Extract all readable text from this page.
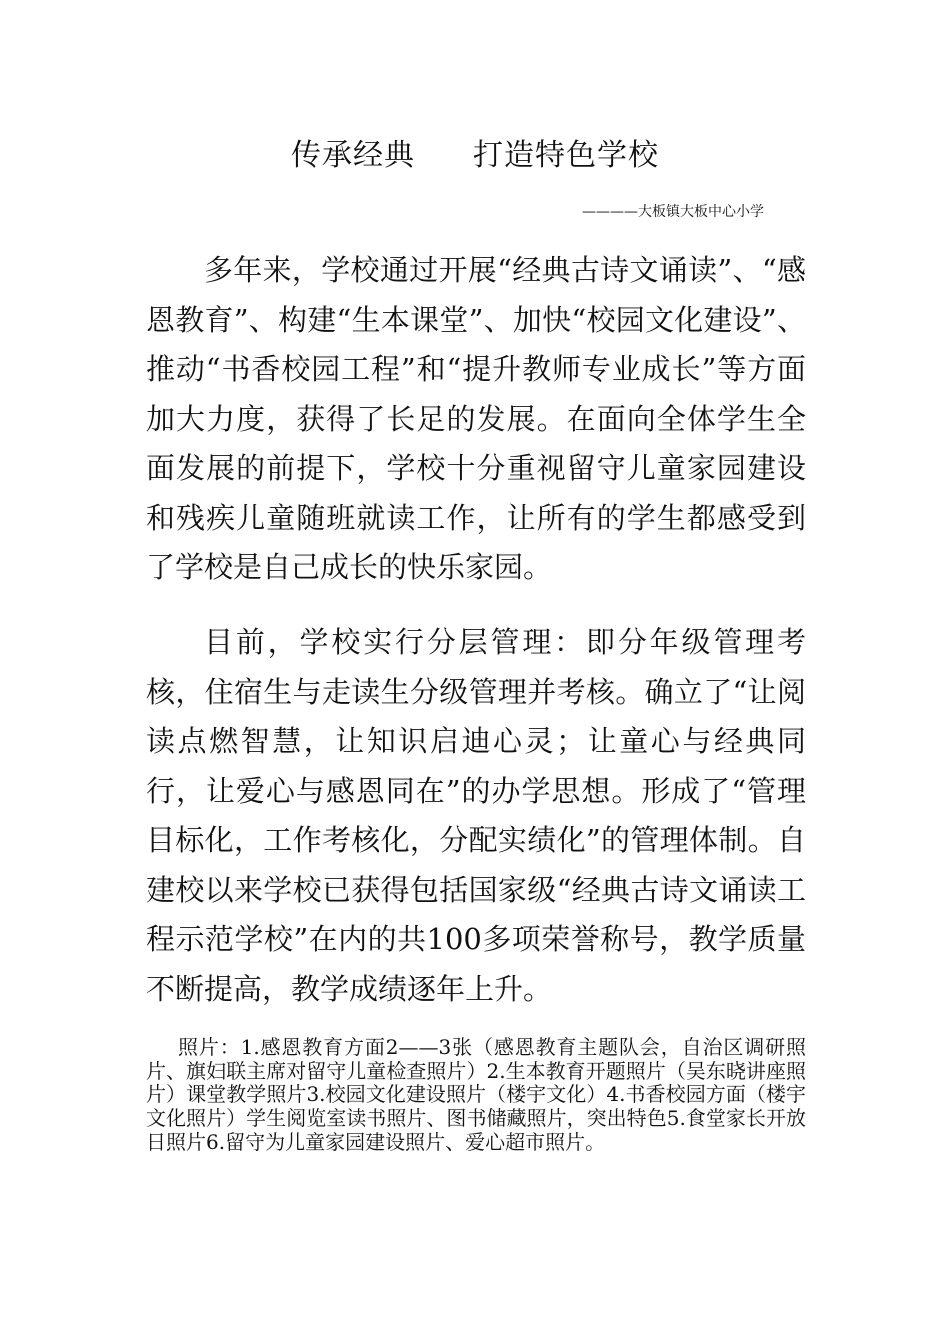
传承经典 打造特色学校
————大板镇大板中心小学

多年来，学校通过开展“经典古诗文诵读”、“感恩教育”、构建“生本课堂”、加快“校园文化建设”、推动“书香校园工程”和“提升教师专业成长”等方面加大力度，获得了长足的发展。在面向全体学生全面发展的前提下，学校十分重视留守儿童家园建设和残疾儿童随班就读工作，让所有的学生都感受到了学校是自己成长的快乐家园。

目前，学校实行分层管理：即分年级管理考核，住宿生与走读生分级管理并考核。确立了“让阅读点燃智慧，让知识启迪心灵；让童心与经典同行，让爱心与感恩同在”的办学思想。形成了“管理目标化，工作考核化，分配实绩化”的管理体制。自建校以来学校已获得包括国家级“经典古诗文诵读工程示范学校”在内的共100多项荣誉称号，教学质量不断提高，教学成绩逐年上升。

照片：1.感恩教育方面2——3张（感恩教育主题队会，自治区调研照片、旗妇联主席对留守儿童检查照片）2.生本教育开题照片（吴东晓讲座照片）课堂教学照片3.校园文化建设照片（楼宇文化）4.书香校园方面（楼宇文化照片）学生阅览室读书照片、图书储藏照片，突出特色5.食堂家长开放日照片6.留守为儿童家园建设照片、爱心超市照片。
